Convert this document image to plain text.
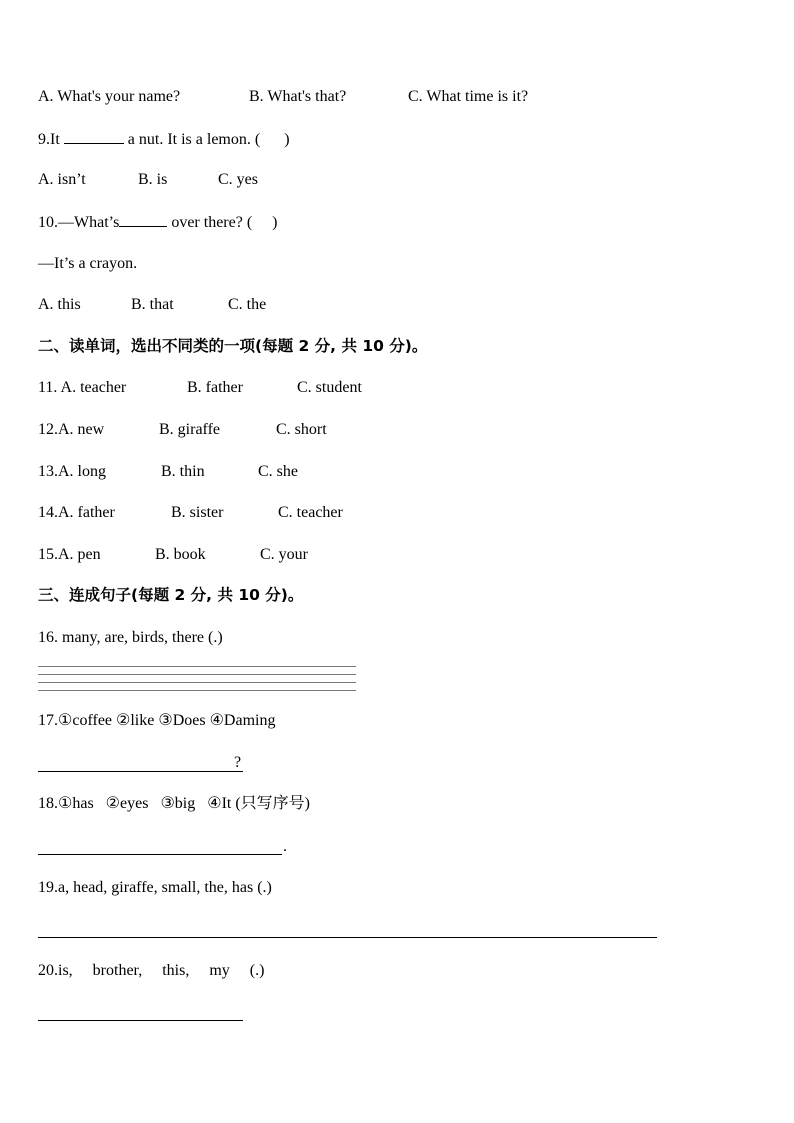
A. What's your name?	B. What's that?	C. What time is it?
9.It	a nut. It is a lemon. (      )
A. isn’t	B. is	C. yes
10.—What’s	over there? (     )
—It’s a crayon.
A. this	B. that	C. the
二、读单词，选出不同类的一项(每题 2 分, 共 10 分)。
11. A. teacher	B. father	C. student
12.A. new	B. giraffe	C. short
13.A. long	B. thin	C. she
14.A. father	B. sister	C. teacher
15.A. pen	B. book	C. your
三、连成句子(每题 2 分, 共 10 分)。
16. many, are, birds, there (.)
17.①coffee ②like ③Does ④Daming
?
18.①has   ②eyes   ③big   ④It (只写序号)
.
19.a, head, giraffe, small, the, has (.)
20.is,     brother,     this,     my     (.)
